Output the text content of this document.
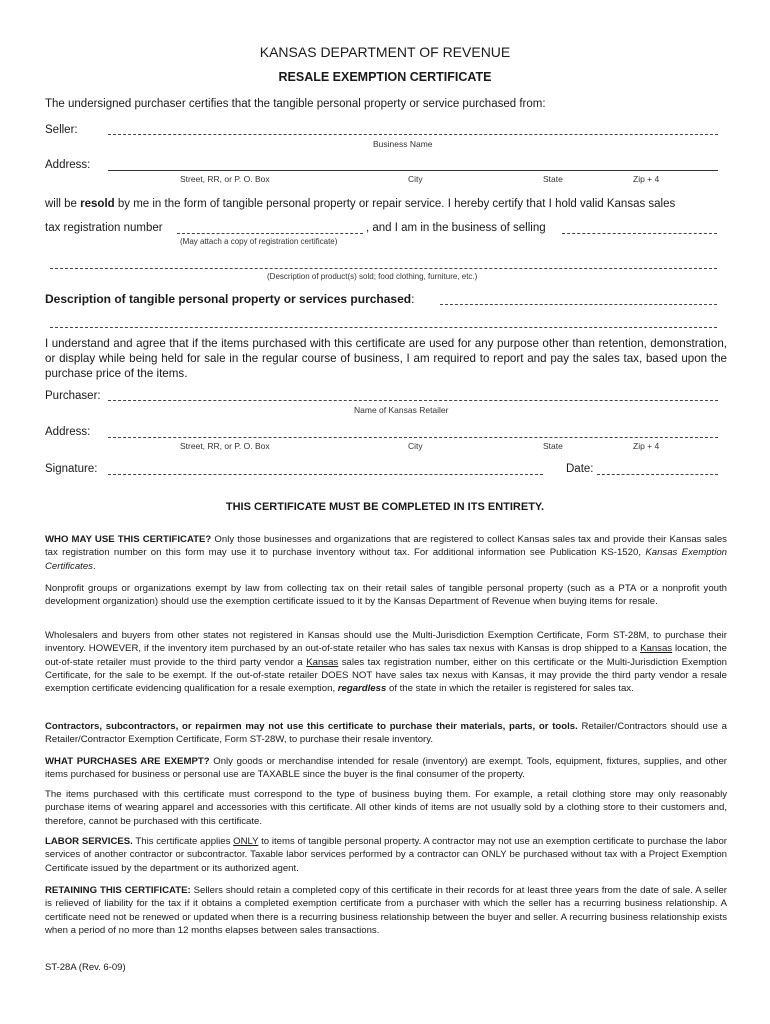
KANSAS DEPARTMENT OF REVENUE
RESALE EXEMPTION CERTIFICATE
The undersigned purchaser certifies that the tangible personal property or service purchased from:
Seller:
Business Name
Address:
Street, RR, or P. O. Box	City	State	Zip + 4
will be resold by me in the form of tangible personal property or repair service. I hereby certify that I hold valid Kansas sales
tax registration number	, and I am in the business of selling
(May attach a copy of registration certificate)
(Description of product(s) sold; food clothing, furniture, etc.)
Description of tangible personal property or services purchased:
I understand and agree that if the items purchased with this certificate are used for any purpose other than retention, demonstration, or display while being held for sale in the regular course of business, I am required to report and pay the sales tax, based upon the purchase price of the items.
Purchaser:
Name of Kansas Retailer
Address:
Street, RR, or P. O. Box	City	State	Zip + 4
Signature:	Date:
THIS CERTIFICATE MUST BE COMPLETED IN ITS ENTIRETY.
WHO MAY USE THIS CERTIFICATE? Only those businesses and organizations that are registered to collect Kansas sales tax and provide their Kansas sales tax registration number on this form may use it to purchase inventory without tax. For additional information see Publication KS-1520, Kansas Exemption Certificates.
Nonprofit groups or organizations exempt by law from collecting tax on their retail sales of tangible personal property (such as a PTA or a nonprofit youth development organization) should use the exemption certificate issued to it by the Kansas Department of Revenue when buying items for resale.
Wholesalers and buyers from other states not registered in Kansas should use the Multi-Jurisdiction Exemption Certificate, Form ST-28M, to purchase their inventory. HOWEVER, if the inventory item purchased by an out-of-state retailer who has sales tax nexus with Kansas is drop shipped to a Kansas location, the out-of-state retailer must provide to the third party vendor a Kansas sales tax registration number, either on this certificate or the Multi-Jurisdiction Exemption Certificate, for the sale to be exempt. If the out-of-state retailer DOES NOT have sales tax nexus with Kansas, it may provide the third party vendor a resale exemption certificate evidencing qualification for a resale exemption, regardless of the state in which the retailer is registered for sales tax.
Contractors, subcontractors, or repairmen may not use this certificate to purchase their materials, parts, or tools. Retailer/Contractors should use a Retailer/Contractor Exemption Certificate, Form ST-28W, to purchase their resale inventory.
WHAT PURCHASES ARE EXEMPT? Only goods or merchandise intended for resale (inventory) are exempt. Tools, equipment, fixtures, supplies, and other items purchased for business or personal use are TAXABLE since the buyer is the final consumer of the property.
The items purchased with this certificate must correspond to the type of business buying them. For example, a retail clothing store may only reasonably purchase items of wearing apparel and accessories with this certificate. All other kinds of items are not usually sold by a clothing store to their customers and, therefore, cannot be purchased with this certificate.
LABOR SERVICES. This certificate applies ONLY to items of tangible personal property. A contractor may not use an exemption certificate to purchase the labor services of another contractor or subcontractor. Taxable labor services performed by a contractor can ONLY be purchased without tax with a Project Exemption Certificate issued by the department or its authorized agent.
RETAINING THIS CERTIFICATE: Sellers should retain a completed copy of this certificate in their records for at least three years from the date of sale. A seller is relieved of liability for the tax if it obtains a completed exemption certificate from a purchaser with which the seller has a recurring business relationship. A certificate need not be renewed or updated when there is a recurring business relationship between the buyer and seller. A recurring business relationship exists when a period of no more than 12 months elapses between sales transactions.
ST-28A (Rev. 6-09)
